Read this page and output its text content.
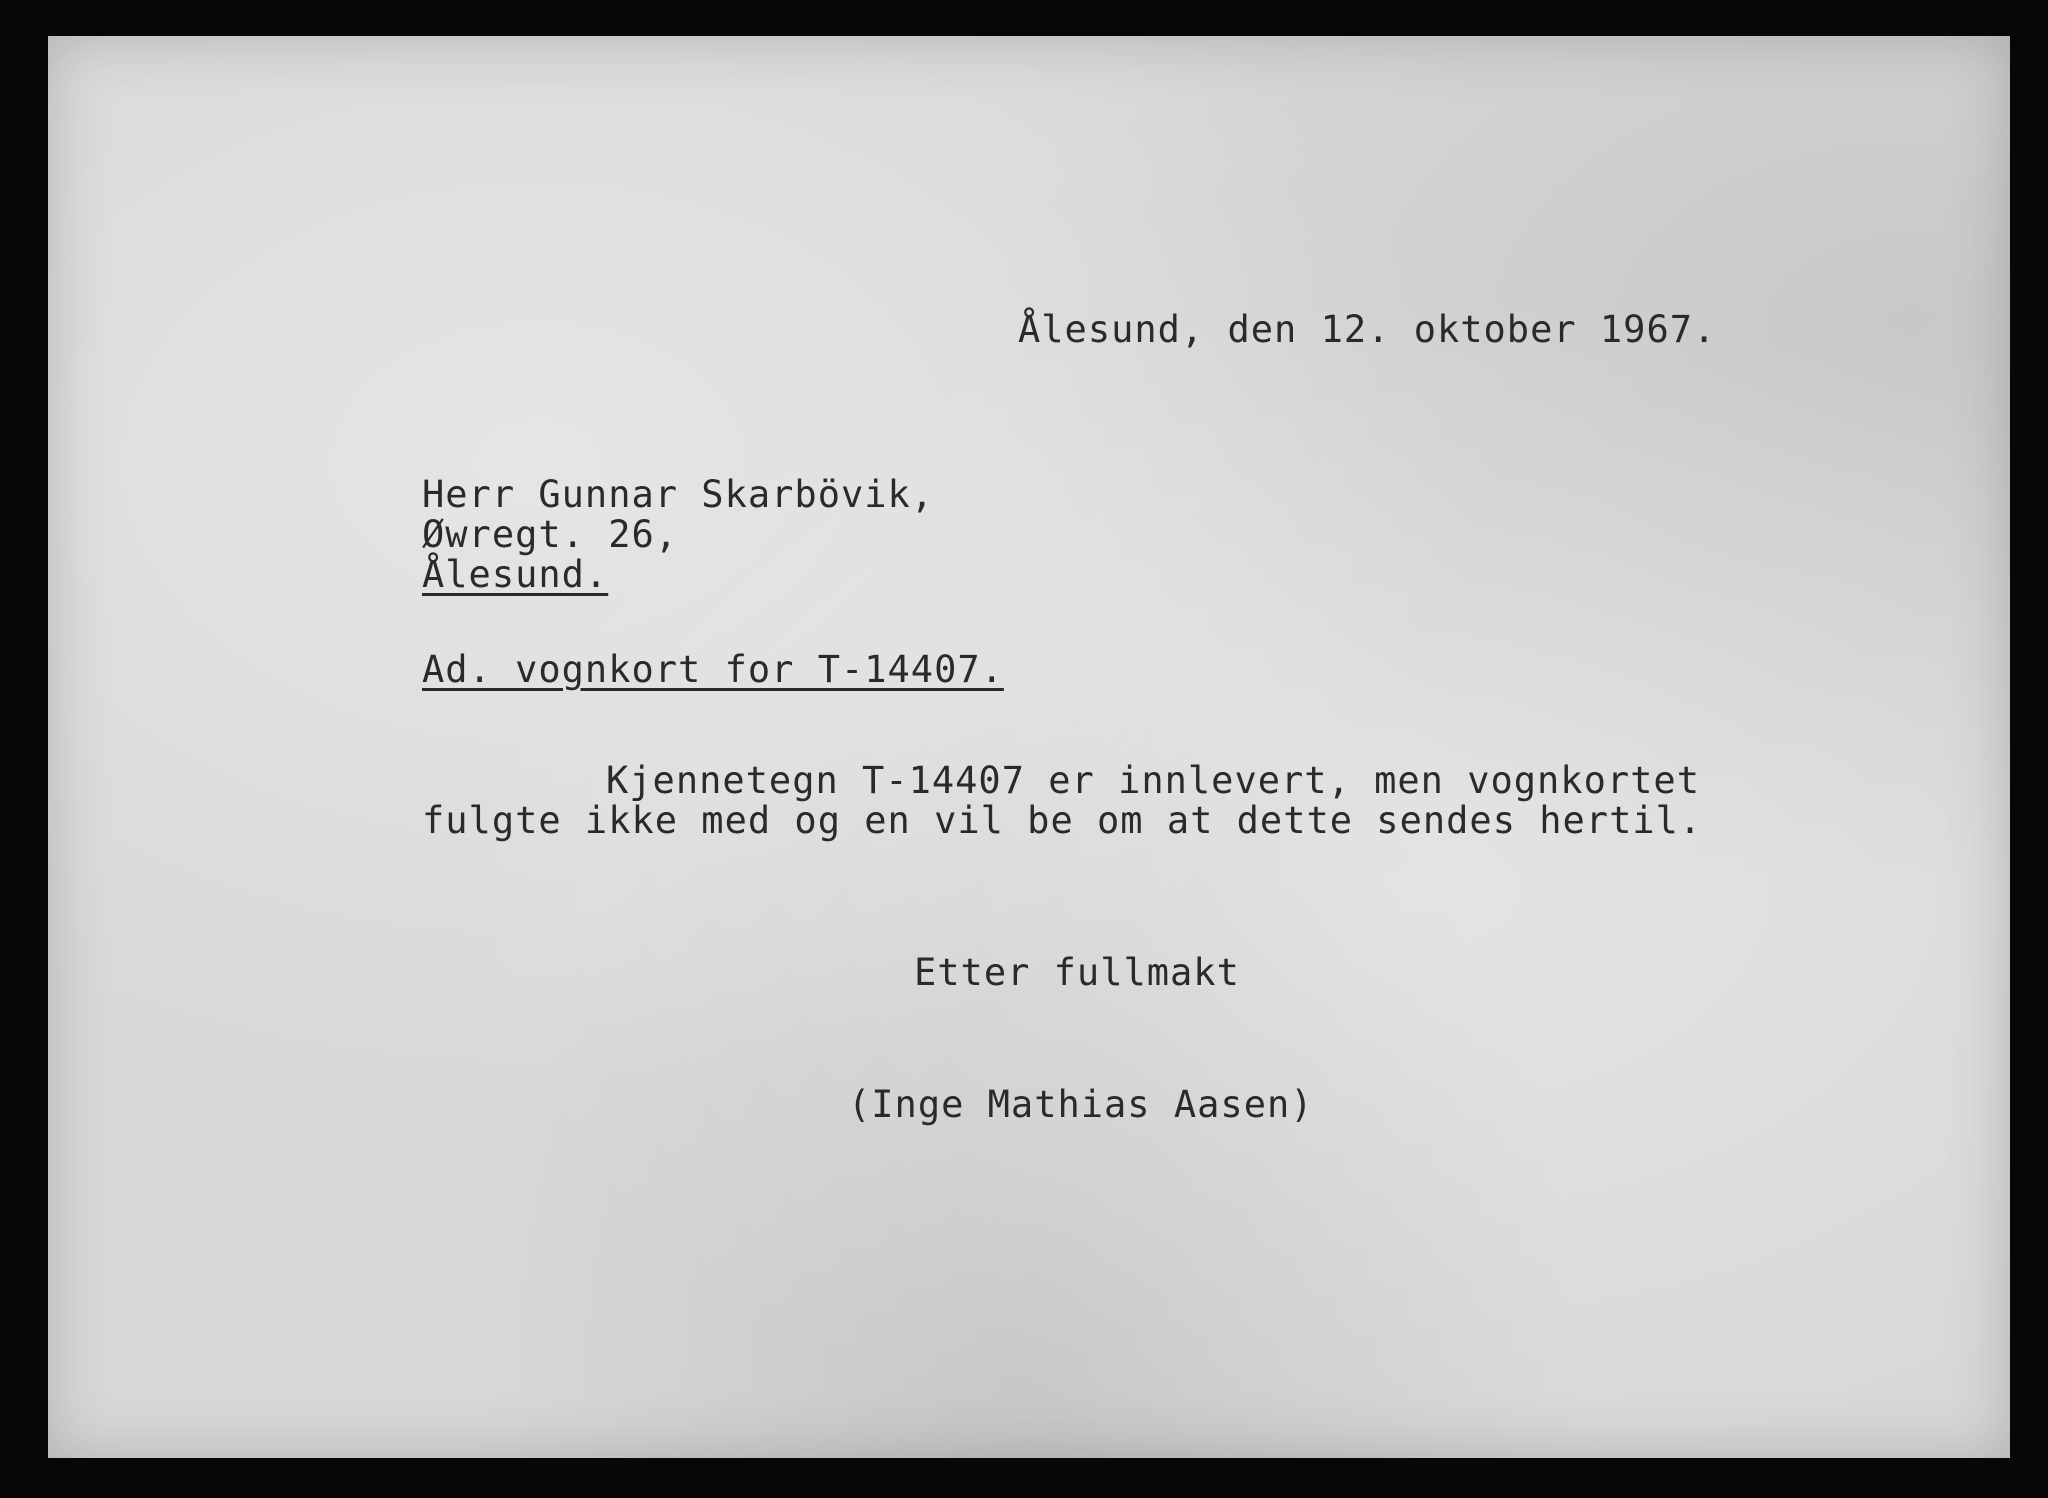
Ålesund, den 12. oktober 1967.
Herr Gunnar Skarbövik,
Øwregt. 26,
Ålesund.
Ad. vognkort for T-14407.
Kjennetegn T-14407 er innlevert, men vognkortet
fulgte ikke med og en vil be om at dette sendes hertil.
Etter fullmakt
(Inge Mathias Aasen)
